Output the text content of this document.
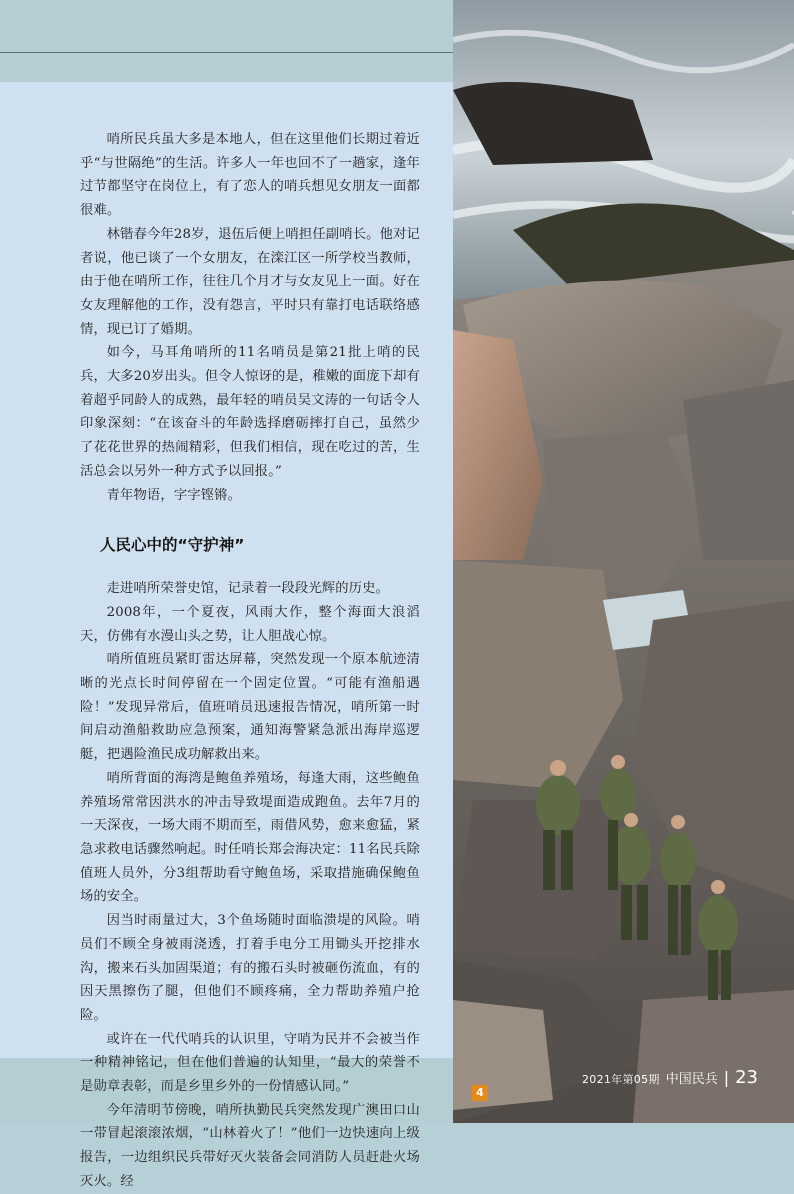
哨所民兵虽大多是本地人，但在这里他们长期过着近乎“与世隔绝”的生活。许多人一年也回不了一趟家，逢年过节都坚守在岗位上，有了恋人的哨兵想见女朋友一面都很难。

林锴春今年28岁，退伍后便上哨担任副哨长。他对记者说，他已谈了一个女朋友，在滦江区一所学校当教师，由于他在哨所工作，往往几个月才与女友见上一面。好在女友理解他的工作，没有怨言，平时只有靠打电话联络感情，现已订了婚期。

如今，马耳角哨所的11名哨员是第21批上哨的民兵，大多20岁出头。但令人惊讶的是，稚嫩的面庞下却有着超乎同龄人的成熟，最年轻的哨员吴文涛的一句话令人印象深刻：“在该奋斗的年龄选择磨砺摔打自己，虽然少了花花世界的热闹精彩，但我们相信，现在吃过的苦，生活总会以另外一种方式予以回报。”

青年物语，字字铿锵。

人民心中的“守护神”

走进哨所荣誉史馆，记录着一段段光辉的历史。

2008年，一个夏夜，风雨大作，整个海面大浪滔天，仿佛有水漫山头之势，让人胆战心惊。

哨所值班员紧盯雷达屏幕，突然发现一个原本航迹清晰的光点长时间停留在一个固定位置。“可能有渔船遇险！”发现异常后，值班哨员迅速报告情况，哨所第一时间启动渔船救助应急预案，通知海警紧急派出海岸巡逻艇，把遇险渔民成功解救出来。

哨所背面的海湾是鲍鱼养殖场，每逢大雨，这些鲍鱼养殖场常常因洪水的冲击导致堤面造成跑鱼。去年7月的一天深夜，一场大雨不期而至，雨借风势，愈来愈猛，紧急求救电话骤然响起。时任哨长郑会海决定：11名民兵除值班人员外，分3组帮助看守鲍鱼场，采取措施确保鲍鱼场的安全。

因当时雨量过大，3个鱼场随时面临溃堤的风险。哨员们不顾全身被雨浇透，打着手电分工用锄头开挖排水沟，搬来石头加固渠道；有的搬石头时被砸伤流血，有的因天黑擦伤了腿，但他们不顾疼痛，全力帮助养殖户抢险。

或许在一代代哨兵的认识里，守哨为民并不会被当作一种精神铭记，但在他们普遍的认知里，“最大的荣誉不是勋章表彰，而是乡里乡外的一份情感认同。”

今年清明节傍晚，哨所执勤民兵突然发现广澳田口山一带冒起滚滚浓烟，“山林着火了！”他们一边快速向上级报告，一边组织民兵带好灭火装备会同消防人员赶赴火场灭火。经

4
2021年第05期 中国民兵 | 23
